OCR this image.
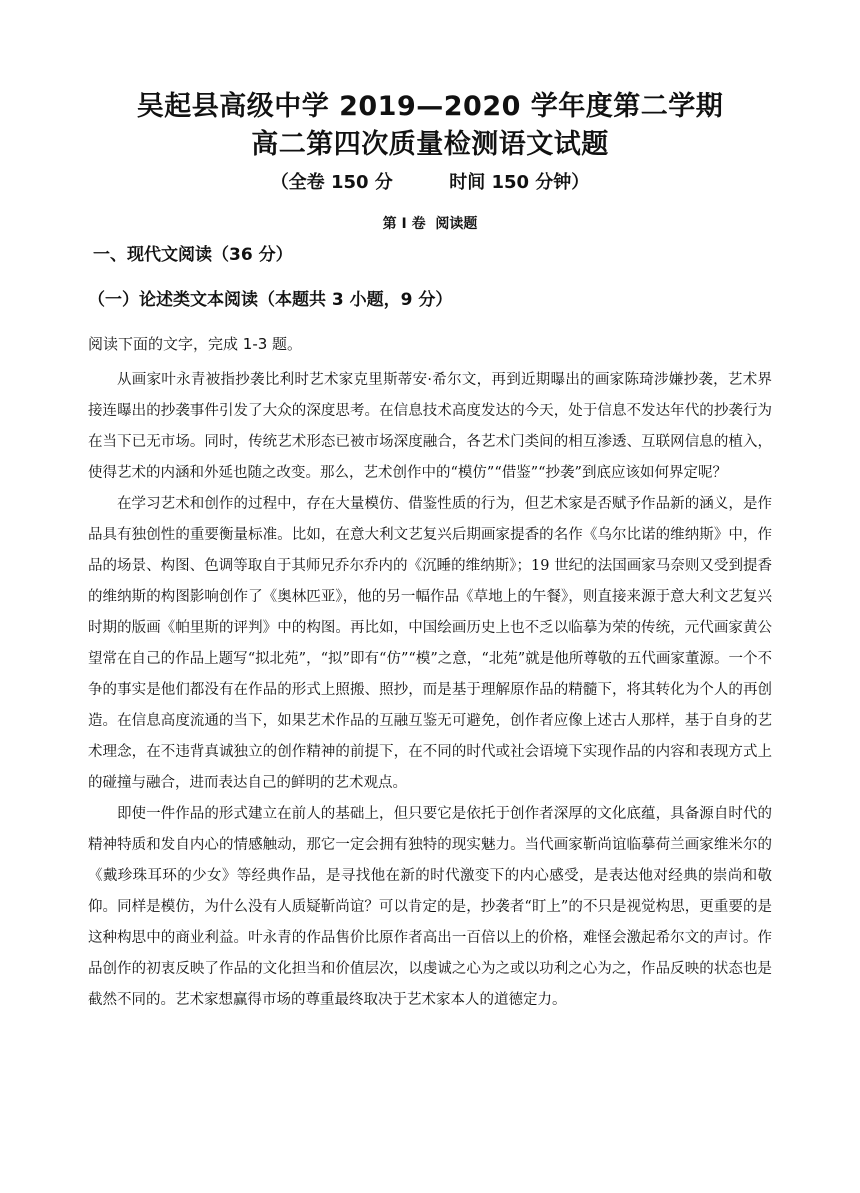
吴起县高级中学 2019—2020 学年度第二学期
高二第四次质量检测语文试题
（全卷 150 分         时间 150 分钟）
第 I 卷  阅读题
一、现代文阅读（36 分）
（一）论述类文本阅读（本题共 3 小题，9 分）
阅读下面的文字，完成 1-3 题。

从画家叶永青被指抄袭比利时艺术家克里斯蒂安·希尔文，再到近期曝出的画家陈琦涉嫌抄袭，艺术界接连曝出的抄袭事件引发了大众的深度思考。在信息技术高度发达的今天，处于信息不发达年代的抄袭行为在当下已无市场。同时，传统艺术形态已被市场深度融合，各艺术门类间的相互渗透、互联网信息的植入，使得艺术的内涵和外延也随之改变。那么，艺术创作中的“模仿”“借鉴”“抄袭”到底应该如何界定呢？

在学习艺术和创作的过程中，存在大量模仿、借鉴性质的行为，但艺术家是否赋予作品新的涵义，是作品具有独创性的重要衡量标准。比如，在意大利文艺复兴后期画家提香的名作《乌尔比诺的维纳斯》中，作品的场景、构图、色调等取自于其师兄乔尔乔内的《沉睡的维纳斯》；19 世纪的法国画家马奈则又受到提香的维纳斯的构图影响创作了《奥林匹亚》，他的另一幅作品《草地上的午餐》，则直接来源于意大利文艺复兴时期的版画《帕里斯的评判》中的构图。再比如，中国绘画历史上也不乏以临摹为荣的传统，元代画家黄公望常在自己的作品上题写“拟北苑”，“拟”即有“仿”“模”之意，“北苑”就是他所尊敬的五代画家董源。一个不争的事实是他们都没有在作品的形式上照搬、照抄，而是基于理解原作品的精髓下，将其转化为个人的再创造。在信息高度流通的当下，如果艺术作品的互融互鉴无可避免，创作者应像上述古人那样，基于自身的艺术理念，在不违背真诚独立的创作精神的前提下，在不同的时代或社会语境下实现作品的内容和表现方式上的碰撞与融合，进而表达自己的鲜明的艺术观点。

即使一件作品的形式建立在前人的基础上，但只要它是依托于创作者深厚的文化底蕴，具备源自时代的精神特质和发自内心的情感触动，那它一定会拥有独特的现实魅力。当代画家靳尚谊临摹荷兰画家维米尔的《戴珍珠耳环的少女》等经典作品，是寻找他在新的时代激变下的内心感受，是表达他对经典的崇尚和敬仰。同样是模仿，为什么没有人质疑靳尚谊？可以肯定的是，抄袭者“盯上”的不只是视觉构思，更重要的是这种构思中的商业利益。叶永青的作品售价比原作者高出一百倍以上的价格，难怪会激起希尔文的声讨。作品创作的初衷反映了作品的文化担当和价值层次，以虔诚之心为之或以功利之心为之，作品反映的状态也是截然不同的。艺术家想赢得市场的尊重最终取决于艺术家本人的道德定力。
